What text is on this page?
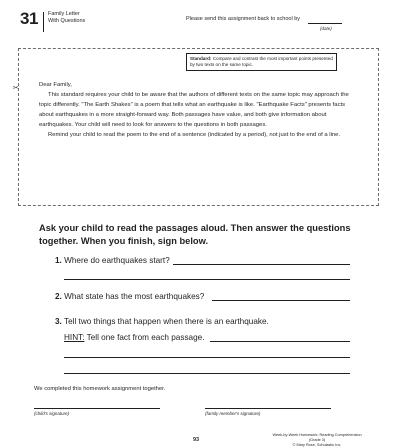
31 Family Letter
With Questions	Please send this assignment back to school by
(date)
✂
Standard: Compare and contrast the most important points presented by two texts on the same topic.

Dear Family,

This standard requires your child to be aware that the authors of different texts on the same topic may approach the topic differently. "The Earth Shakes" is a poem that tells what an earthquake is like. "Earthquake Facts" presents facts about earthquakes in a more straight-forward way. Both passages have value, and both give information about earthquakes. Your child will need to look for answers to the questions in both passages.

Remind your child to read the poem to the end of a sentence (indicated by a period), not just to the end of a line.

Ask your child to read the passages aloud. Then answer the questions together. When you finish, sign below.
1. Where do earthquakes start?
2. What state has the most earthquakes?
3. Tell two things that happen when there is an earthquake.
HINT: Tell one fact from each passage.
We completed this homework assignment together.
(child's signature)	(family member's signature)
93
Week-by-Week Homework: Reading Comprehension (Grade 3)
© Mary Rose, Scholastic Inc.
